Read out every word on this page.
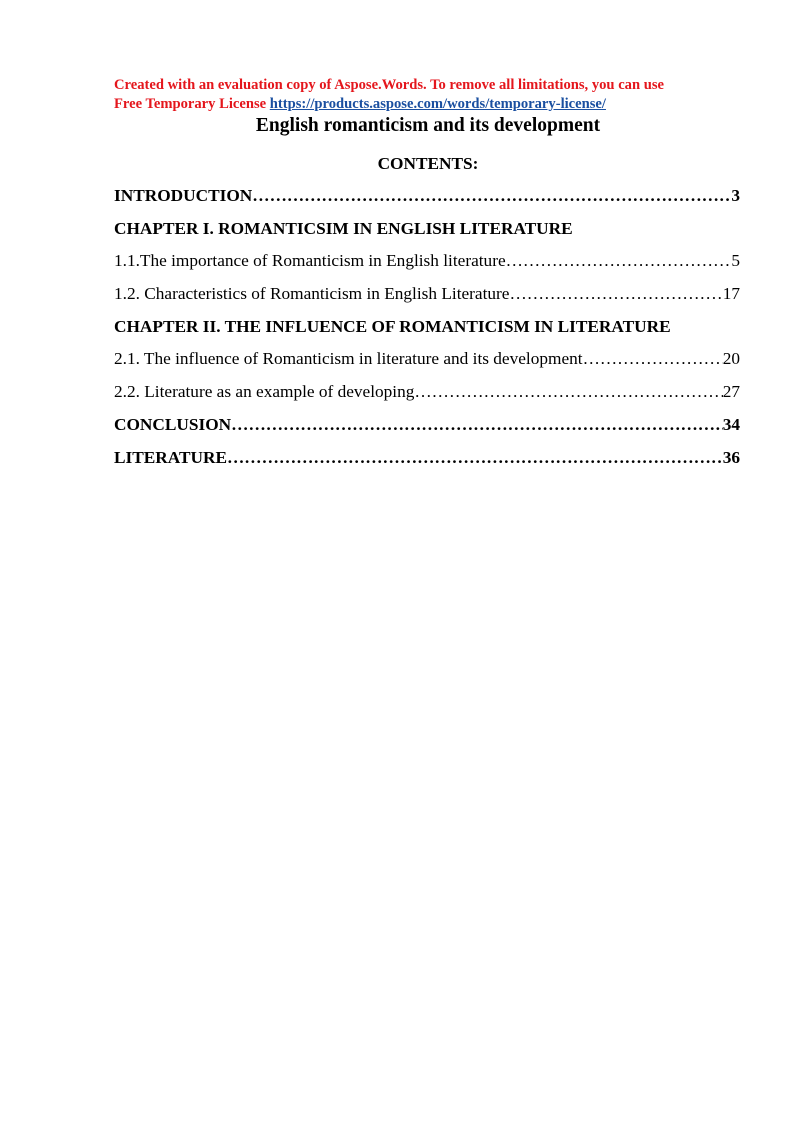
Created with an evaluation copy of Aspose.Words. To remove all limitations, you can use
Free Temporary License https://products.aspose.com/words/temporary-license/
English romanticism and its development
CONTENTS:
INTRODUCTION …………………………………………………………………………………………………………………………………………………………	3
CHAPTER I. ROMANTICSIM IN ENGLISH LITERATURE
1.1.The importance of Romanticism in English literature …………………………………………………………………………………………………………………………………………………………	5
1.2. Characteristics of Romanticism in English Literature …………………………………………………………………………………………………………………………………………………………	17
CHAPTER II. THE INFLUENCE OF ROMANTICISM IN LITERATURE
2.1. The influence of Romanticism in literature and its development …………………………………………………………………………………………………………………………………………………………	20
2.2. Literature as an example of developing …………………………………………………………………………………………………………………………………………………………	27
CONCLUSION …………………………………………………………………………………………………………………………………………………………	34
LITERATURE …………………………………………………………………………………………………………………………………………………………	36
